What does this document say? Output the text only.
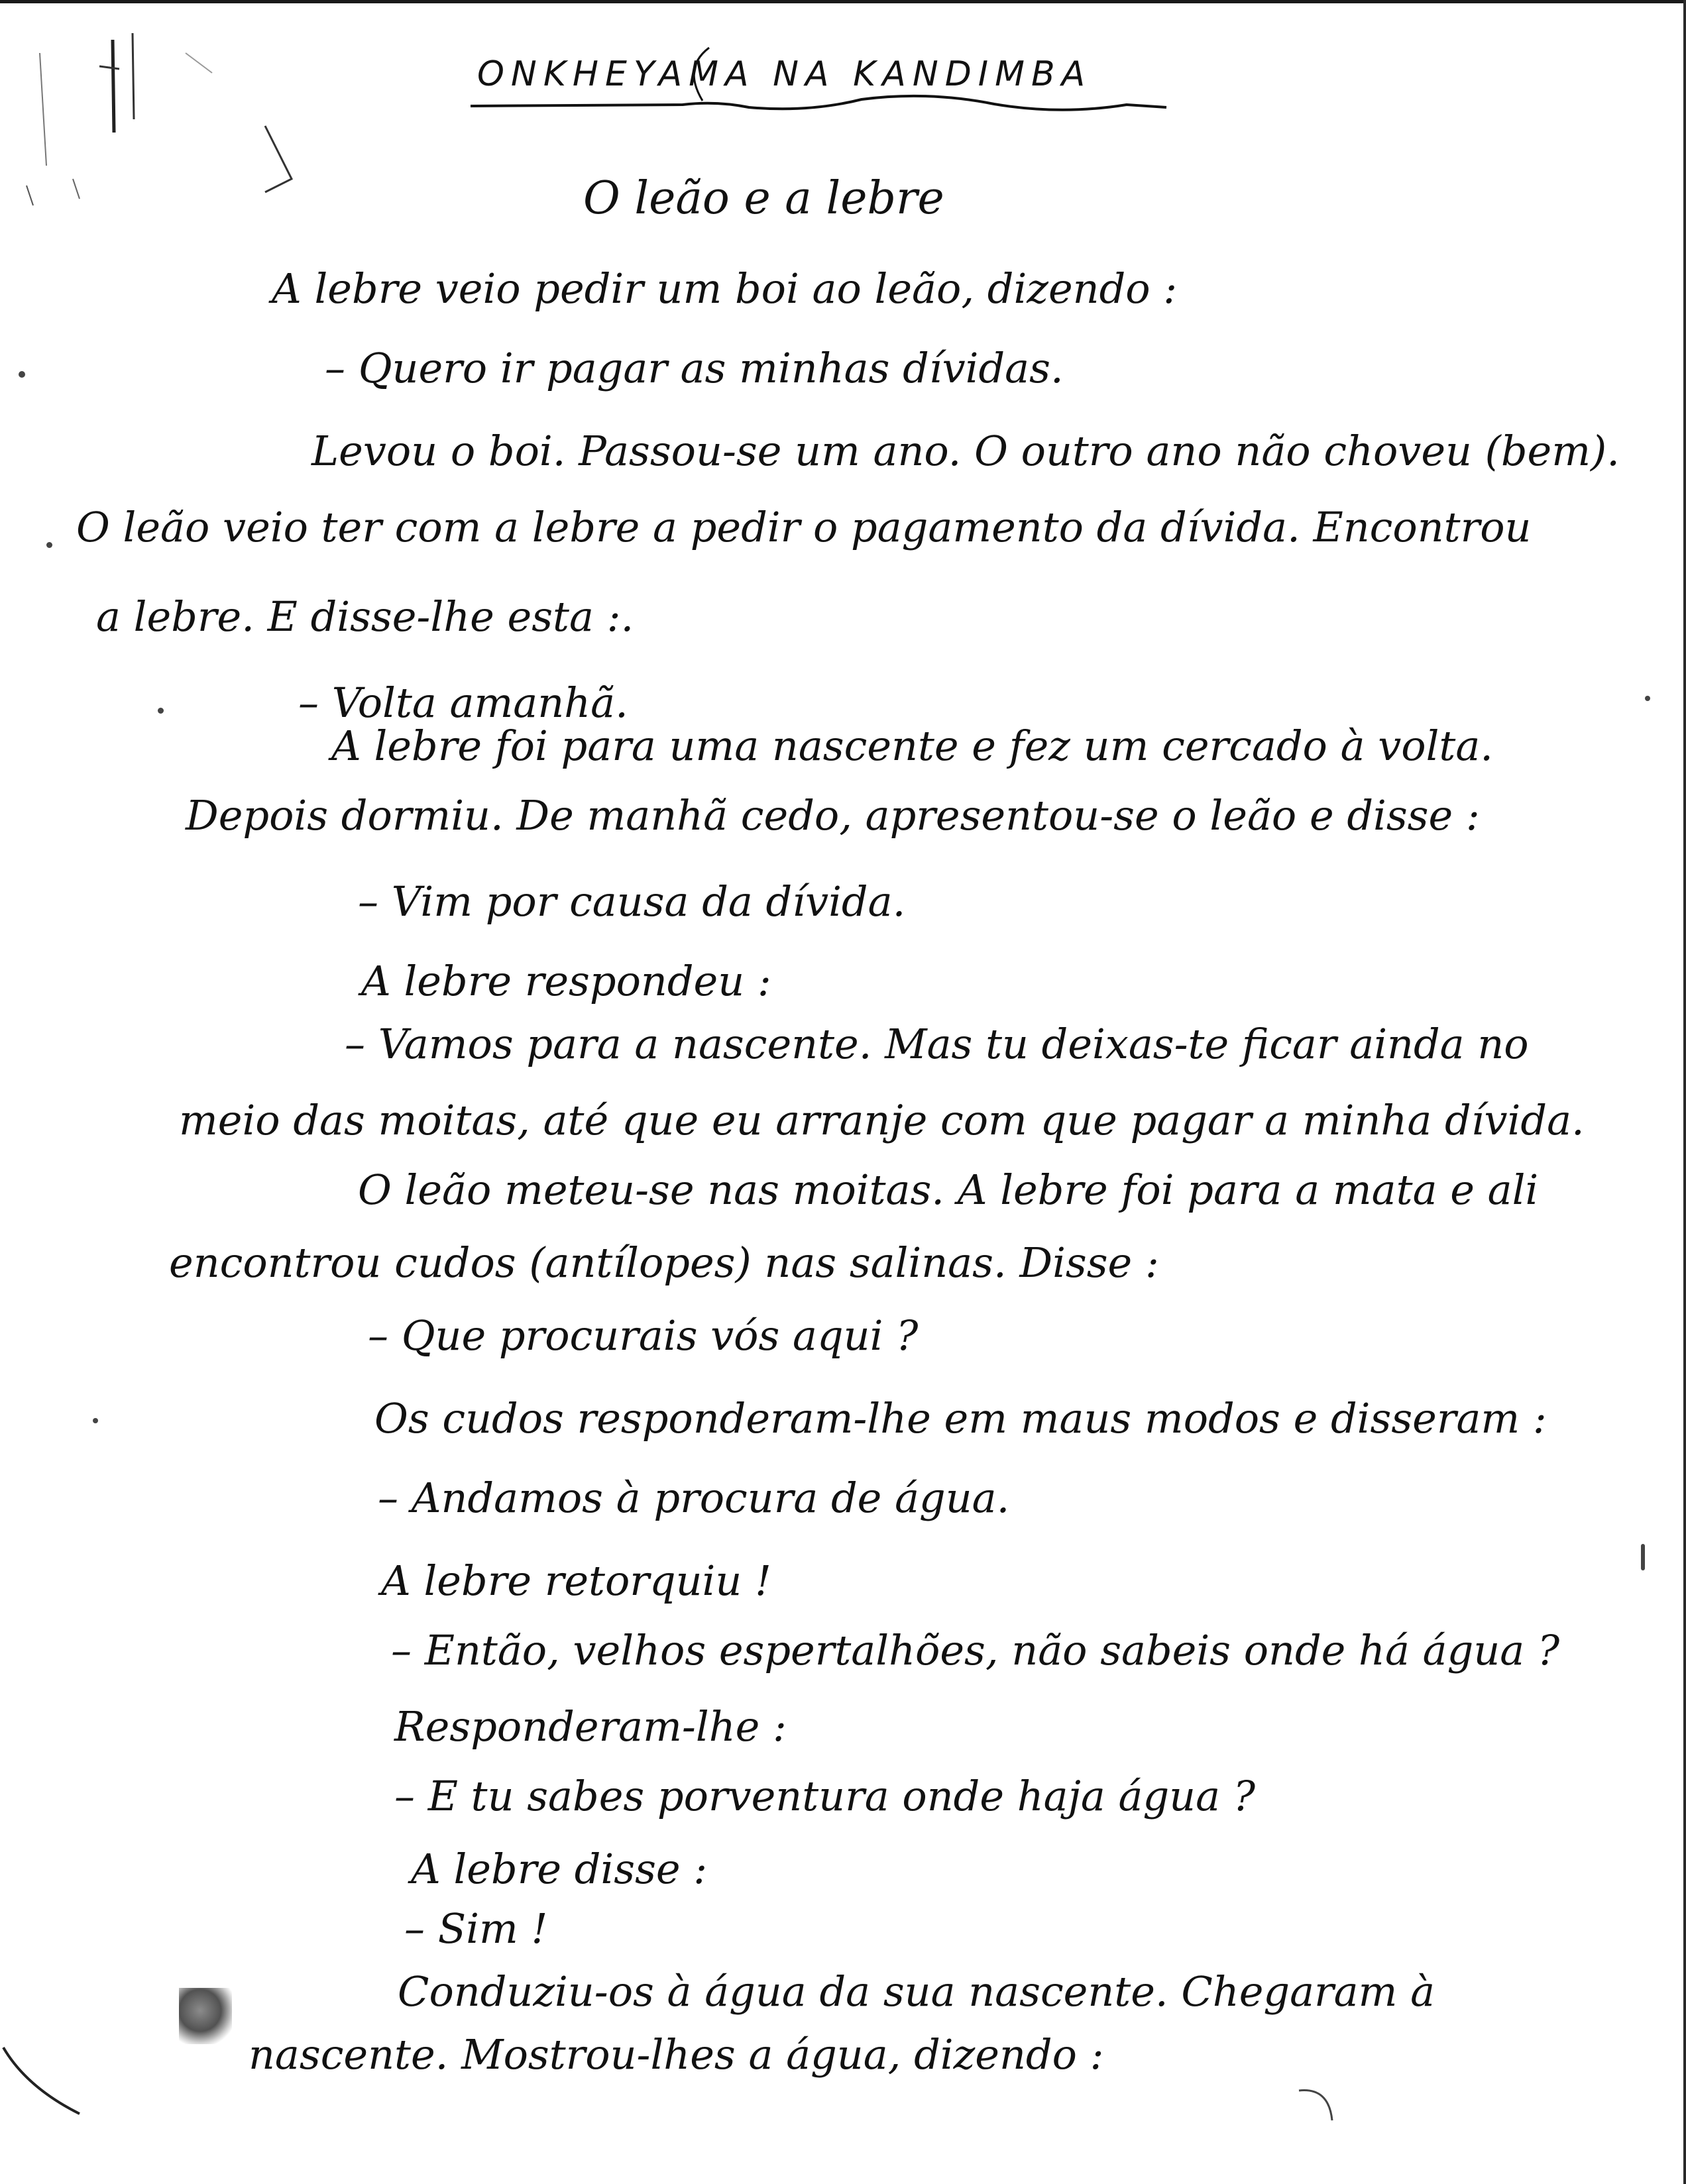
ONKHEYAMA NA KANDIMBA
O leão e a lebre
A lebre veio pedir um boi ao leão, dizendo :
– Quero ir pagar as minhas dívidas.
Levou o boi. Passou-se um ano. O outro ano não choveu (bem).
O leão veio ter com a lebre a pedir o pagamento da dívida. Encontrou
a lebre. E disse-lhe esta :.
– Volta amanhã.
A lebre foi para uma nascente e fez um cercado à volta.
Depois dormiu. De manhã cedo, apresentou-se o leão e disse :
– Vim por causa da dívida.
A lebre respondeu :
– Vamos para a nascente. Mas tu deixas-te ficar ainda no
meio das moitas, até que eu arranje com que pagar a minha dívida.
O leão meteu-se nas moitas. A lebre foi para a mata e ali
encontrou cudos (antílopes) nas salinas. Disse :
– Que procurais vós aqui ?
Os cudos responderam-lhe em maus modos e disseram :
– Andamos à procura de água.
A lebre retorquiu !
– Então, velhos espertalhões, não sabeis onde há água ?
Responderam-lhe :
– E tu sabes porventura onde haja água ?
A lebre disse :
– Sim !
Conduziu-os à água da sua nascente. Chegaram à
nascente. Mostrou-lhes a água, dizendo :
